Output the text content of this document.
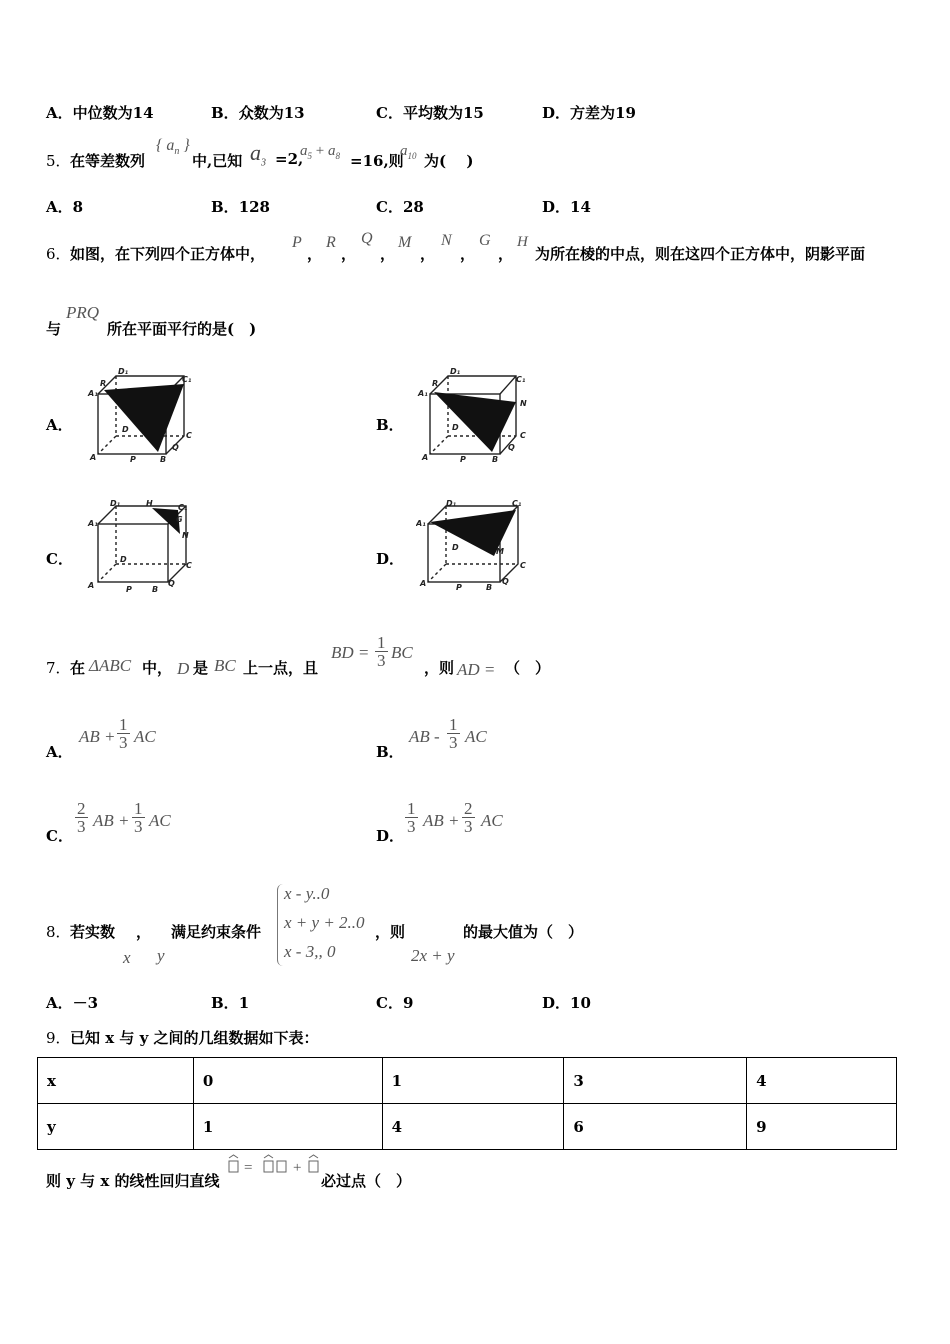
A．中位数为14	B．众数为13	C．平均数为15	D．方差为19
5． 在等差数列
{ $a_n$ }
中,已知 $a_3 =2$,
$a_5 + a_8 =16$,则
$a_{10}$ 为(　 )
A．8	B．128	C．28	D．14
6． 如图，在下列四个正方体中，
P
，
R
，
Q
，
M
，
N
，
G
，
H
为所在棱的中点，则在这四个正方体中，阴影平面
与
PRQ
所在平面平行的是(　)
A．	B．
C．	D．
D₁
C₁
A₁
R
D
C
A	P	B
Q
D₁
C₁
A₁
R
N
D
C
A	P	B
Q
D₁	H	C₁
A₁	G
N
D
C
A	P	B
Q
D₁	C₁
A₁
D	M
C
A	P	B
Q
7． 在 ΔABC 中， D 是 BC 上一点，且
BD =
1
3 BC
，则 AD = （　）
A．
AB +
1
3 AC
B．
AB -
1
3 AC
C．
2
3 AB +
1
3 AC
D．
1
3 AB +
2
3 AC
8． 若实数 ， 满足约束条件
x y
x - y..0
x + y + 2..0
x - 3,, 0
，则
2x + y
的最大值为（　）
A．－3	B．1	C．9	D．10
9． 已知 x 与 y 之间的几组数据如下表：
x	0	1	3	4
y	1	4	6	9
则 y 与 x 的线性回归直线
=	+
必过点（　）
